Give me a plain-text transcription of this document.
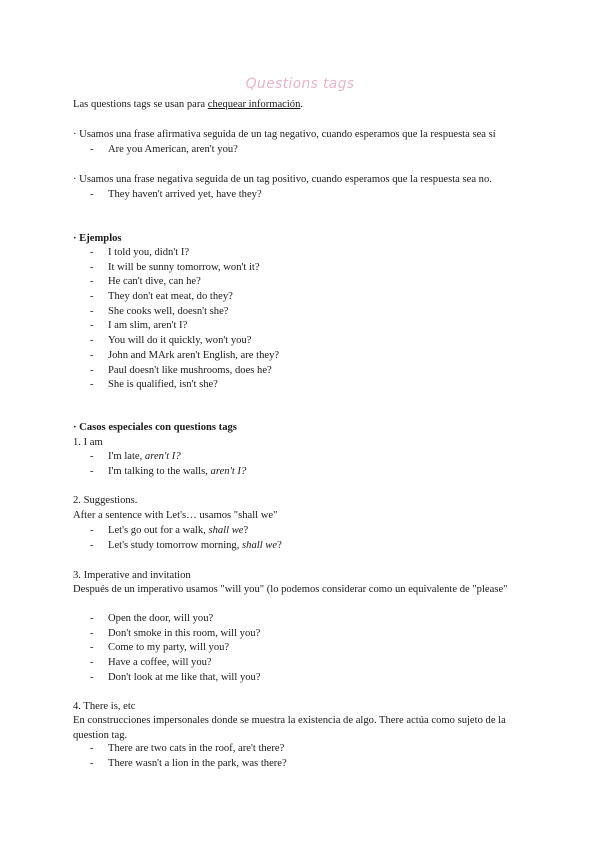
Questions tags
Las questions tags se usan para chequear información.
· Usamos una frase afirmativa seguida de un tag negativo, cuando esperamos que la respuesta sea sí
- Are you American, aren't you?
· Usamos una frase negativa seguida de un tag positivo, cuando esperamos que la respuesta sea no.
- They haven't arrived yet, have they?
· Ejemplos
- I told you, didn't I?
- It will be sunny tomorrow, won't it?
- He can't dive, can he?
- They don't eat meat, do they?
- She cooks well, doesn't she?
- I am slim, aren't I?
- You will do it quickly, won't you?
- John and MArk aren't English, are they?
- Paul doesn't like mushrooms, does he?
- She is qualified, isn't she?
· Casos especiales con questions tags
1. I am
- I'm late, aren't I?
- I'm talking to the walls, aren't I?
2. Suggestions.
After a sentence with Let's… usamos "shall we"
- Let's go out for a walk, shall we?
- Let's study tomorrow morning, shall we?
3. Imperative and invitation
Después de un imperativo usamos "will you" (lo podemos considerar como un equivalente de "please"
- Open the door, will you?
- Don't smoke in this room, will you?
- Come to my party, will you?
- Have a coffee, will you?
- Don't look at me like that, will you?
4. There is, etc
En construcciones impersonales donde se muestra la existencia de algo. There actúa como sujeto de la question tag.
- There are two cats in the roof, are't there?
- There wasn't a lion in the park, was there?
